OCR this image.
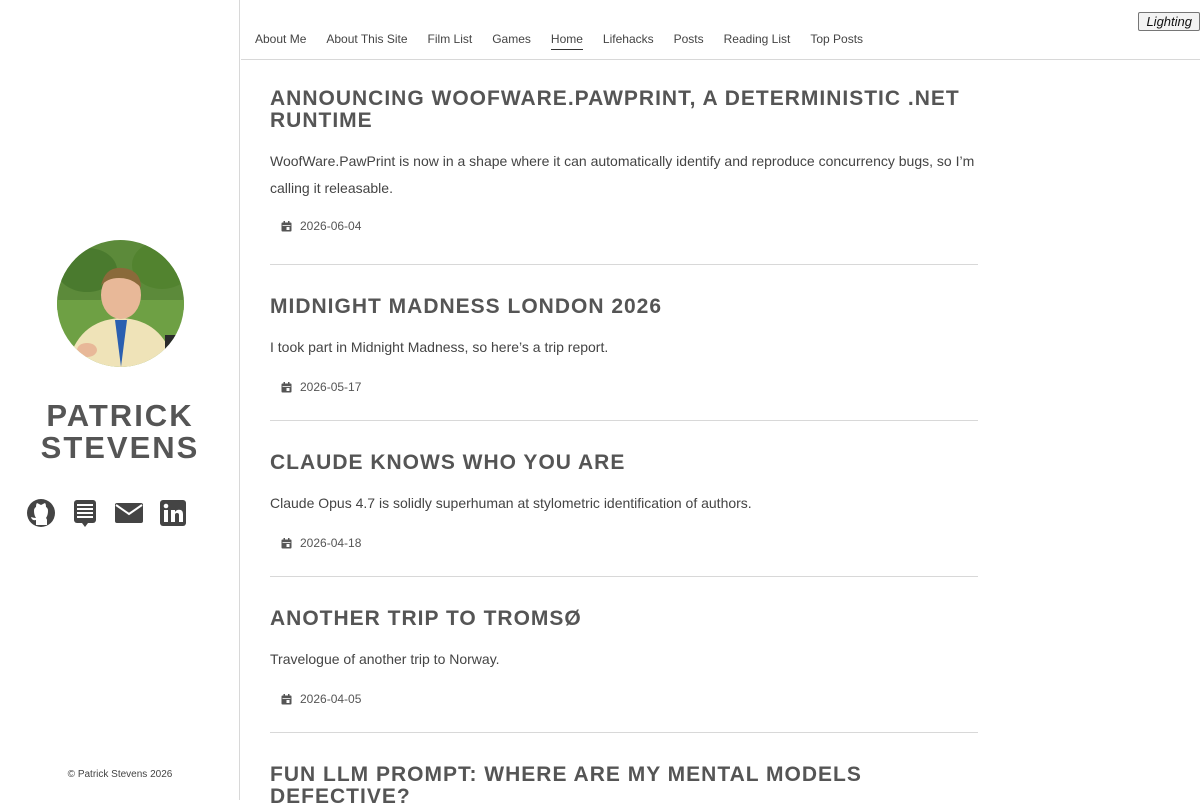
PATRICK STEVENS
© Patrick Stevens 2026
About Me About This Site Film List Games Home Lifehacks Posts Reading List Top Posts
Lighting
ANNOUNCING WOOFWARE.PAWPRINT, A DETERMINISTIC .NET RUNTIME

WoofWare.PawPrint is now in a shape where it can automatically identify and reproduce concurrency bugs, so I’m calling it releasable.

2026-06-04
MIDNIGHT MADNESS LONDON 2026

I took part in Midnight Madness, so here’s a trip report.

2026-05-17
CLAUDE KNOWS WHO YOU ARE

Claude Opus 4.7 is solidly superhuman at stylometric identification of authors.

2026-04-18
ANOTHER TRIP TO TROMSØ

Travelogue of another trip to Norway.

2026-04-05
FUN LLM PROMPT: WHERE ARE MY MENTAL MODELS DEFECTIVE?
